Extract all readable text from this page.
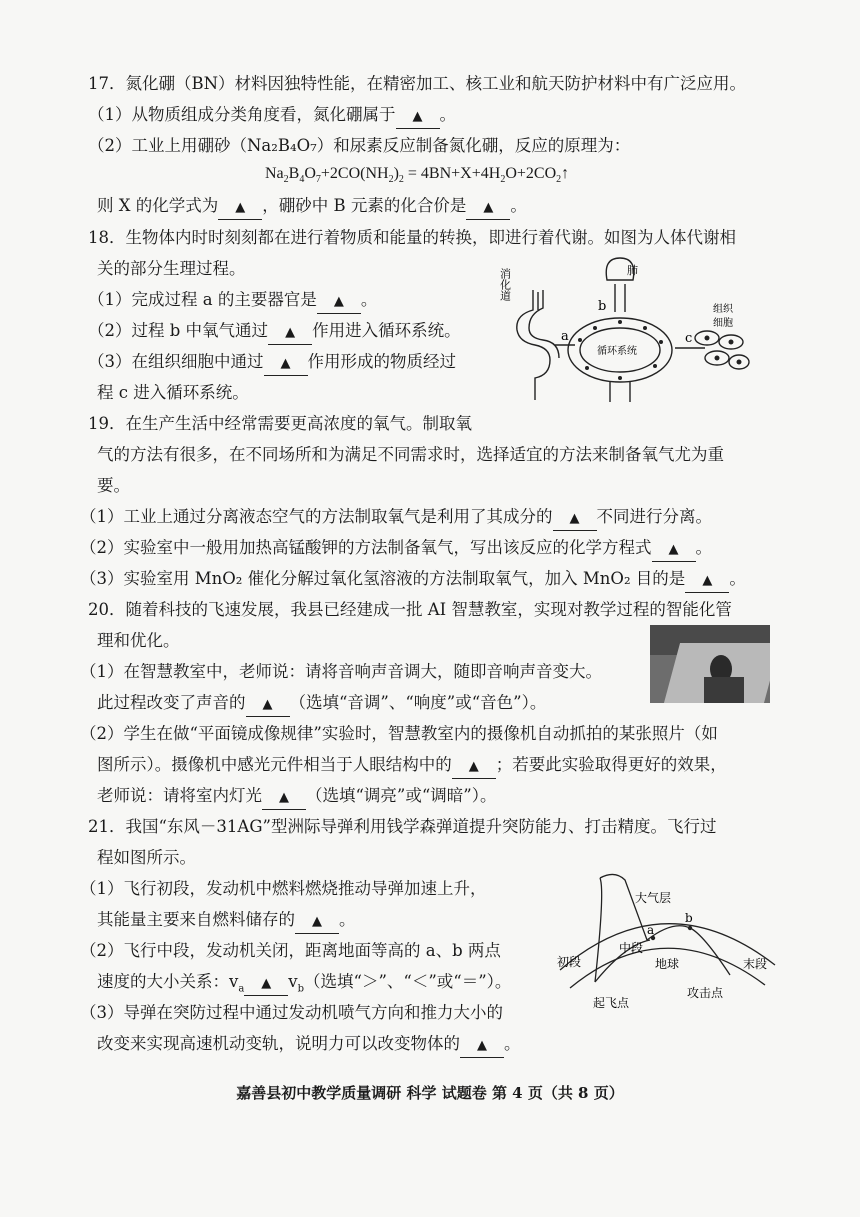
17．氮化硼（BN）材料因独特性能，在精密加工、核工业和航天防护材料中有广泛应用。
（1）从物质组成分类角度看，氮化硼属于 ▲ 。
（2）工业上用硼砂（Na₂B₄O₇）和尿素反应制备氮化硼，反应的原理为：
$Na_2B_4O_7+2CO(NH_2)_2$ = $4BN+X+4H_2O+2CO_2↑$
则 X 的化学式为 ▲ ，硼砂中 B 元素的化合价是 ▲ 。
18．生物体内时时刻刻都在进行着物质和能量的转换，即进行着代谢。如图为人体代谢相
关的部分生理过程。
（1）完成过程 a 的主要器官是 ▲ 。
（2）过程 b 中氧气通过 ▲ 作用进入循环系统。
（3）在组织细胞中通过 ▲ 作用形成的物质经过
程 c 进入循环系统。
消化道	肺
a
b
c
循环系统
组织
细胞
19．在生产生活中经常需要更高浓度的氧气。制取氧
气的方法有很多，在不同场所和为满足不同需求时，选择适宜的方法来制备氧气尤为重
要。
（1）工业上通过分离液态空气的方法制取氧气是利用了其成分的 ▲ 不同进行分离。
（2）实验室中一般用加热高锰酸钾的方法制备氧气，写出该反应的化学方程式 ▲ 。
（3）实验室用 MnO₂ 催化分解过氧化氢溶液的方法制取氧气，加入 MnO₂ 目的是 ▲ 。
20．随着科技的飞速发展，我县已经建成一批 AI 智慧教室，实现对教学过程的智能化管
理和优化。
（1）在智慧教室中，老师说：请将音响声音调大，随即音响声音变大。
此过程改变了声音的 ▲ （选填“音调”、“响度”或“音色”）。
（2）学生在做“平面镜成像规律”实验时，智慧教室内的摄像机自动抓拍的某张照片（如
图所示）。摄像机中感光元件相当于人眼结构中的 ▲ ；若要此实验取得更好的效果，
老师说：请将室内灯光 ▲ （选填“调亮”或“调暗”）。
21．我国“东风－31AG”型洲际导弹利用钱学森弹道提升突防能力、打击精度。飞行过
程如图所示。
（1）飞行初段，发动机中燃料燃烧推动导弹加速上升，
其能量主要来自燃料储存的 ▲ 。
（2）飞行中段，发动机关闭，距离地面等高的 a、b 两点
速度的大小关系：$v_a$ ▲ $v_b$（选填“＞”、“＜”或“＝”）。
（3）导弹在突防过程中通过发动机喷气方向和推力大小的
改变来实现高速机动变轨，说明力可以改变物体的 ▲ 。
大气层
a
b
中段
初段	末段
地球
起飞点
攻击点
嘉善县初中教学质量调研 科学 试题卷 第 4 页（共 8 页）
